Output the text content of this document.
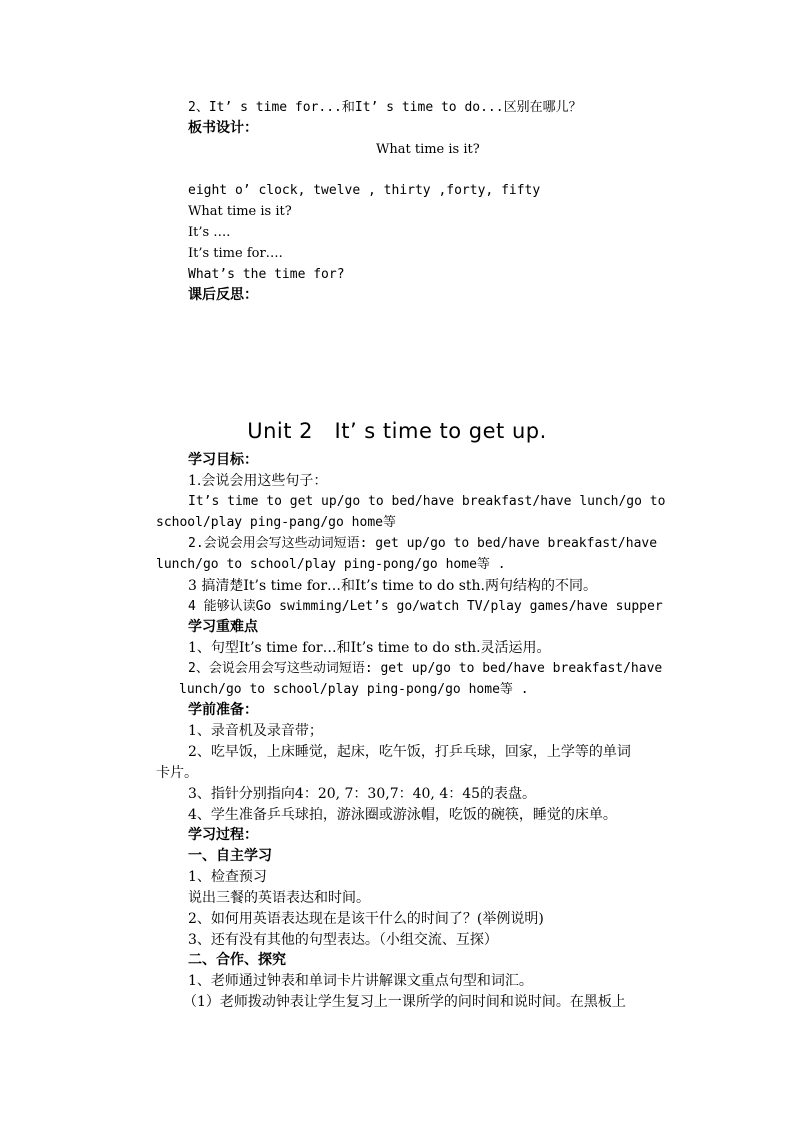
2、It’ s time for...和It’ s time to do...区别在哪儿？
板书设计：
What time is it?
eight o’ clock, twelve , thirty ,forty, fifty
What time is it?
It’s ….
It’s time for….
What’s the time for?
课后反思：
Unit 2   It’ s time to get up.
学习目标：
1.会说会用这些句子：
It’s time to get up/go to bed/have breakfast/have lunch/go to
school/play ping-pang/go home等
2.会说会用会写这些动词短语: get up/go to bed/have breakfast/have
lunch/go to school/play ping-pong/go home等 .
3 搞清楚It’s time for…和It’s time to do sth.两句结构的不同。
4 能够认读Go swimming/Let’s go/watch TV/play games/have supper
学习重难点
1、句型It’s time for…和It’s time to do sth.灵活运用。
2、会说会用会写这些动词短语: get up/go to bed/have breakfast/have
lunch/go to school/play ping-pong/go home等 .
学前准备：
1、录音机及录音带；
2、吃早饭，上床睡觉，起床，吃午饭，打乒乓球，回家，上学等的单词
卡片。
3、指针分别指向4：20, 7：30,7：40, 4：45的表盘。
4、学生准备乒乓球拍，游泳圈或游泳帽，吃饭的碗筷，睡觉的床单。
学习过程：
一、自主学习
1、检查预习
说出三餐的英语表达和时间。
2、如何用英语表达现在是该干什么的时间了？(举例说明)
3、还有没有其他的句型表达。（小组交流、互探）
二、合作、探究
1、老师通过钟表和单词卡片讲解课文重点句型和词汇。
（1）老师拨动钟表让学生复习上一课所学的问时间和说时间。在黑板上
